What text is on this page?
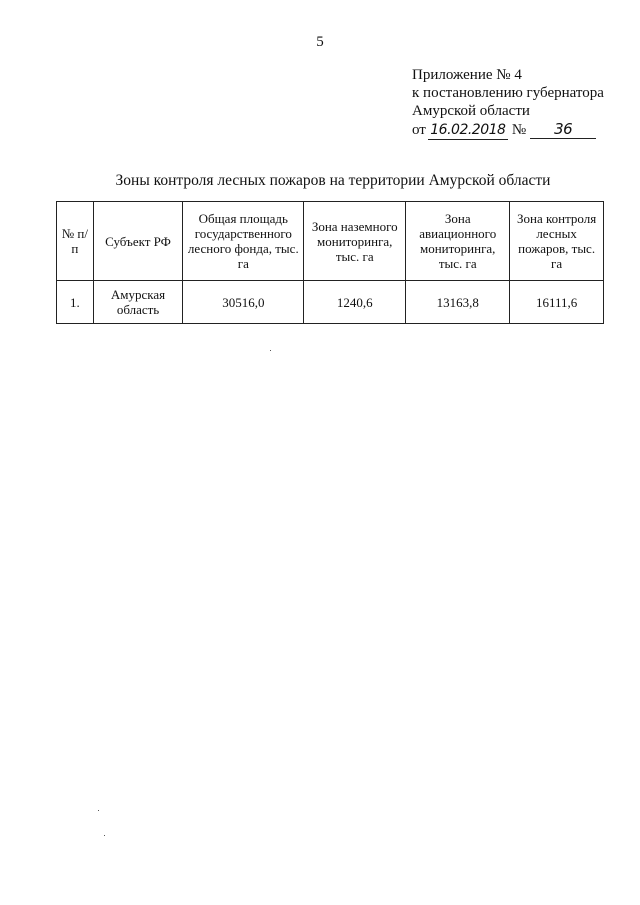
5
Приложение № 4
к постановлению губернатора
Амурской области
от 16.02.2018 № 36
Зоны контроля лесных пожаров на территории Амурской области
№ п/п	Субъект РФ	Общая площадь государственного лесного фонда, тыс. га	Зона наземного мониторинга, тыс. га	Зона авиационного мониторинга, тыс. га	Зона контроля лесных пожаров, тыс. га
1.	Амурская область	30516,0	1240,6	13163,8	16111,6
